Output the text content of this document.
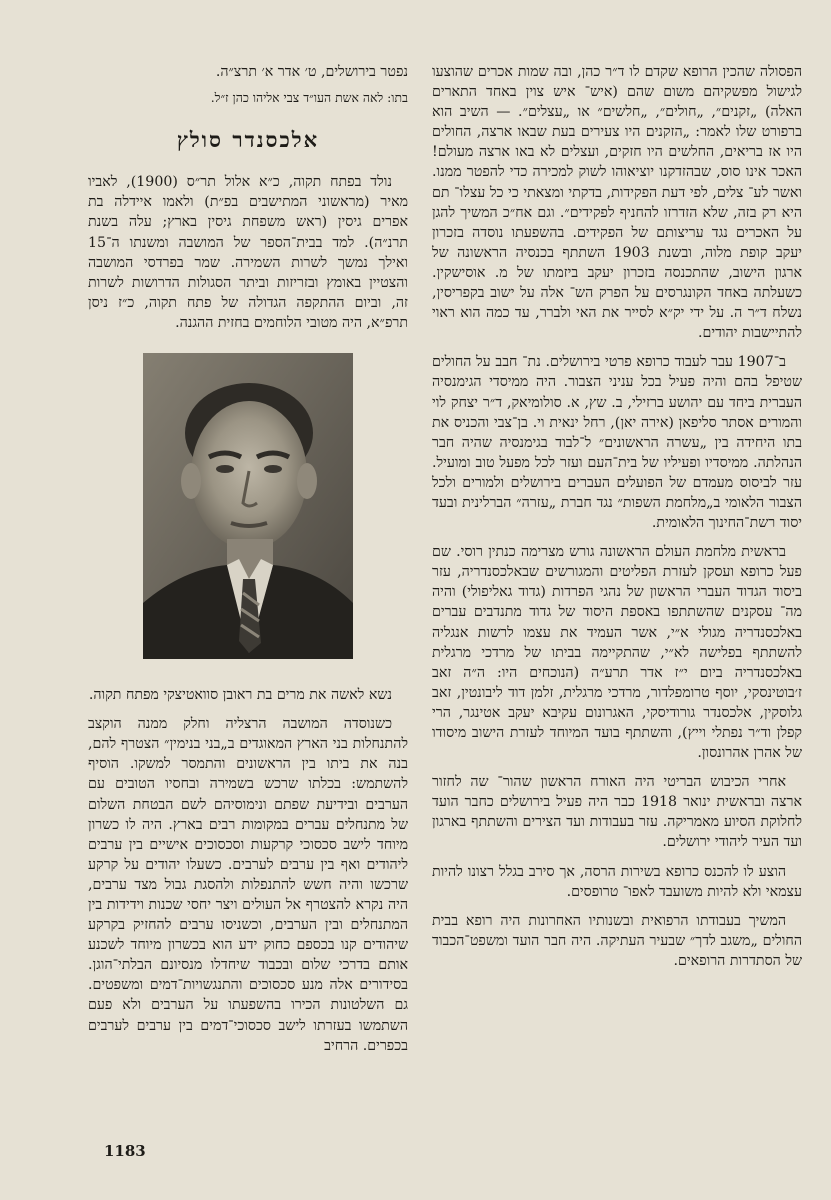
הפסולה שהכין הרופא שקדם לו ד״ר כהן, ובה שמות אכרים שהוצעו לגישול מפשקיהם משום שהם (איש־ איש צוין באחד התארים האלה) „זקנים״, „חולים״, „חלשים״ או „עצלים״. — השיב הוא ברפורט שלו לאמר: „הזקנים היו צעירים בעת שבאו ארצה, החולים היו אז בריאים, החלשים היו חזקים, ועצלים לא באו ארצה מעולם! האכר אינו סוס, שבהזדקנו יוציאוהו לשוק למכירה כדי להפטר ממנו. ואשר לע־ צלים, לפי דעת הפקידות, בדקתי ומצאתי כי כל עצלו־ תם היא רק בזה, שלא הזדרזו להחניף לפקידים״. וגם אח״כ המשיך להגן על האכרים נגד עריצותם של הפקידים. בהשפעתו נוסדה בזכרון יעקב קופת מלוה, ובשנת 1903 השתתף בכנסיה הראשונה של ארגון הישוב, שהתכנסה בזכרון יעקב ביזמתו של מ. אוסישקין. כשעלתה באחד הקונגרסים על הפרק הש־ אלה על ישוב בקפריסין, נשלח ד״ר ה. על ידי יק״א לסייר את האי ולברר, עד כמה הוא ראוי להתיישבות יהודים.
ב־1907 עבר לעבוד כרופא פרטי בירושלים. נת־ חבב על החולים שטיפל בהם והיה פעיל בכל עניני הצבור. היה ממיסדי הגימנסיה העברית ביחד עם יהושע ברזילי, ב. שץ, א. סולומיאק, ד״ר יצחק לוי והמורים אסתר סליפאן (אירה יאן), רחל ינאית וי. בן־צבי והכניס את בתו היחידה בין „עשרה הראשונים״ ל־לבוד בגימנסיה שהיה חבר הנהלתה. ממיסדיו ופעיליו של בית־העם ועזר לכל מפעל טוב ומועיל. עזר לביסוס מעמדם של הפועלים העברים בירושלים ולמורים ולכל הצבור הלאומי ב„מלחמת השפות״ נגד חברת „עזרה״ הברלינית ובעד יסוד רשת־החינוך הלאומית.
בראשית מלחמת העולם הראשונה גורש מצרימה כנתין רוסי. שם פעל כרופא ועסקן לעזרת הפליטים והמגורשים שבאלכסנדריה, עזר ביסוד הגדוד העברי הראשון של נהגי הפרדות (גדוד גאליפולי) והיה מה־ עסקנים שהשתתפו באספת היסוד של גדוד מתנדבים עברים באלכסנדריה מגולי א״י, אשר העמיד את עצמו לרשות אנגליה להשתתף בפלישה לא״י, שהתקיימה בביתו של מרדכי מרגלית באלכסנדריה ביום י״ז אדר תרע״ה (הנוכחים היו: ה״ה זאב ז׳בוטינסקי, יוסף טרומפלדור, מרדכי מרגלית, זלמן דוד ליבונטין, זאב גלוסקין, אלכסנדר גורודיסקי, האגרונום עקיבא יעקב אטינגר, הרי קפלן וד״ר נפתלי וייץ), והשתתף בועד המיוחד לעזרת הישוב מיסודו של אהרן אהרונסון.
אחרי הכיבוש הבריטי היה האורח הראשון שהור־ שה לחזור ארצה ובראשית ינואר 1918 כבר היה פעיל בירושלים כחבר הועד לחלוקת הסיוע מאמריקה. עזר בעבודות ועד הצירים והשתתף בארגון ועד העיר ליהודי ירושלים.
הוצע לו להכנס כרופא בשירות הרסה, אך סירב בגלל רצונו להיות עצמאי ולא להיות משועבד לאפו־ טרופסים.
המשיך בעבודתו הרפואית ובשנותיו האחרונות היה רופא בבית החולים „משגב לדך״ שבעיר העתיקה. היה חבר הועד ומשפט־הכבוד של הסתדרות הרופאים.

נפטר בירושלים, ט׳ אדר א׳ תרצ״ה.

בתו: לאה אשת העו״ד צבי אליהו כהן ז״ל.

אלכסנדר סולץ
נולד בפתח תקוה, כ״א אלול תר״ס (1900), לאביו מאיר (מראשוני המתישבים בפ״ת) ולאמו איידלה בת אפרים גיסין (ראש משפחת גיסין בארץ; עלה בשנת תרנ״ה). למד בבית־הספר של המושבה ומשנתו ה־15 ואילך נמשך לשרות השמירה. שמר בפרדסי המושבה והצטיין באומץ ובזריזות וביתר הסגולות הדרושות לשרות זה, וביום ההתקפה הגדולה של פתח תקוה, כ״ז ניסן תרפ״א, היה מטובי הלוחמים בחזית ההגנה.
נשא לאשה את מרים בת ראובן סוואטיצקי מפתח תקוה.
כשנוסדה המושבה הרצליה וחלק ממנה הוקצב להתנחלות בני הארץ המאוגדים ב„בני בנימין״ הצטרף להם, בנה את ביתו בין הראשונים והתמסר למשקו. הוסיף להשתמש: בכלתו שרכש בשמירה ובחסיו הטובים עם הערבים ובידיעת שפתם ונימוסיהם לשם הבטחת השלום של מתנחלים עברים במקומות רבים בארץ. היה לו כשרון מיוחד לישב סכסוכי קרקעות וסכסוכים אישיים בין ערבים ליהודים ואף בין ערבים לערבים. כשעלו יהודים על קרקע שרכשו והיה חשש להתנפלות ולהסגת גבול מצד ערבים, היה נקרא להצטרף אל העולים ויצר יחסי שכנות וידידות בין המתנחלים ובין הערבים, וכשניסו ערבים להחזיק בקרקע שיהודים קנו בכספם כחוק ידע הוא בכשרון מיוחד לשכנע אותם בדרכי שלום ובכבוד שיחדלו מנסיונם הבלתי־הוגן. בסידורים אלה מנע סכסוכים והתנגשויות־דמים ומשפטים. גם השלטונות הכירו בהשפעתו על הערבים ולא פעם השתמשו בעזרתו לישב סכסוכי־דמים בין ערבים לערבים בכפרים. הרחיב
1183
